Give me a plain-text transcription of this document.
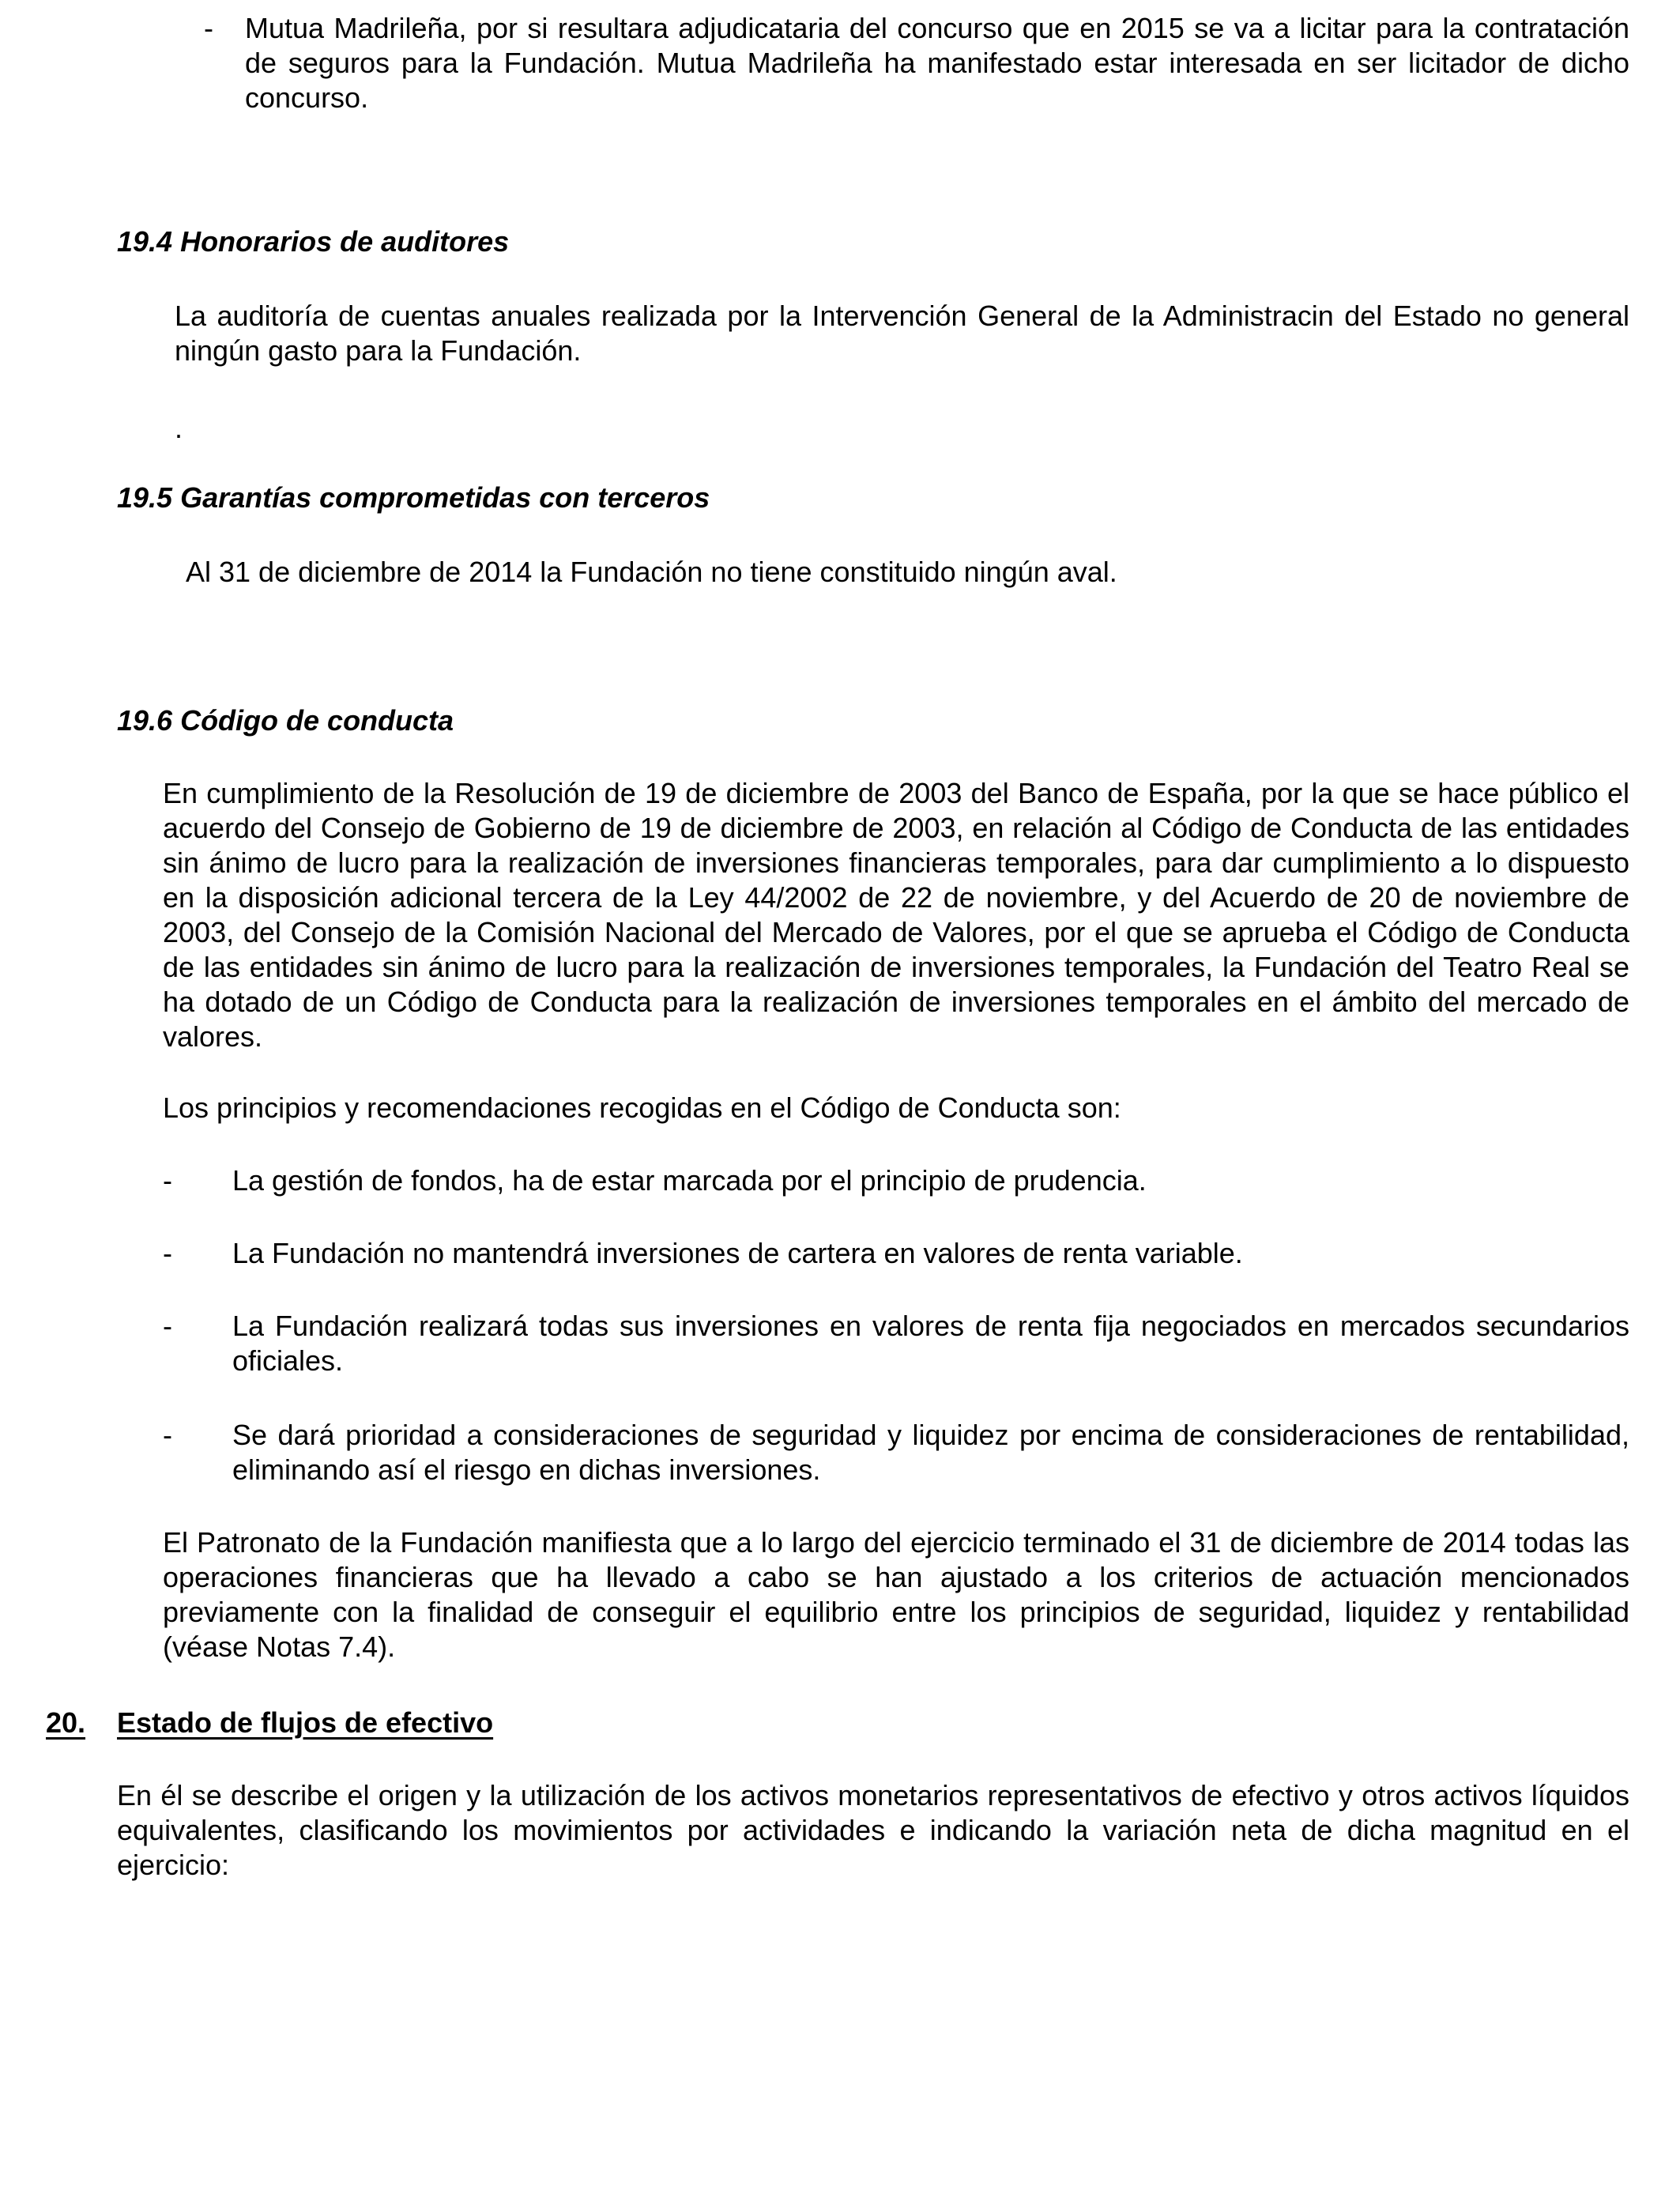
- Mutua Madrileña, por si resultara adjudicataria del concurso que en 2015 se va a licitar para la contratación de seguros para la Fundación. Mutua Madrileña ha manifestado estar interesada en ser licitador de dicho concurso.
19.4 Honorarios de auditores
La auditoría de cuentas anuales realizada por la Intervención General de la Administracin del Estado no general ningún gasto para la Fundación.
.
19.5 Garantías comprometidas con terceros
Al 31 de diciembre de 2014 la Fundación no tiene constituido ningún aval.
19.6 Código de conducta
En cumplimiento de la Resolución de 19 de diciembre de 2003 del Banco de España, por la que se hace público el acuerdo del Consejo de Gobierno de 19 de diciembre de 2003, en relación al Código de Conducta de las entidades sin ánimo de lucro para la realización de inversiones financieras temporales, para dar cumplimiento a lo dispuesto en la disposición adicional tercera de la Ley 44/2002 de 22 de noviembre, y del Acuerdo de 20 de noviembre de 2003, del Consejo de la Comisión Nacional del Mercado de Valores, por el que se aprueba el Código de Conducta de las entidades sin ánimo de lucro para la realización de inversiones temporales, la Fundación del Teatro Real se ha dotado de un Código de Conducta para la realización de inversiones temporales en el ámbito del mercado de valores.
Los principios y recomendaciones recogidas en el Código de Conducta son:
- La gestión de fondos, ha de estar marcada por el principio de prudencia.
- La Fundación no mantendrá inversiones de cartera en valores de renta variable.
- La Fundación realizará todas sus inversiones en valores de renta fija negociados en mercados secundarios oficiales.
- Se dará prioridad a consideraciones de seguridad y liquidez por encima de consideraciones de rentabilidad, eliminando así el riesgo en dichas inversiones.
El Patronato de la Fundación manifiesta que a lo largo del ejercicio terminado el 31 de diciembre de 2014 todas las operaciones financieras que ha llevado a cabo se han ajustado a los criterios de actuación mencionados previamente con la finalidad de conseguir el equilibrio entre los principios de seguridad, liquidez y rentabilidad (véase Notas 7.4).
20. Estado de flujos de efectivo
En él se describe el origen y la utilización de los activos monetarios representativos de efectivo y otros activos líquidos equivalentes, clasificando los movimientos por actividades e indicando la variación neta de dicha magnitud en el ejercicio:
